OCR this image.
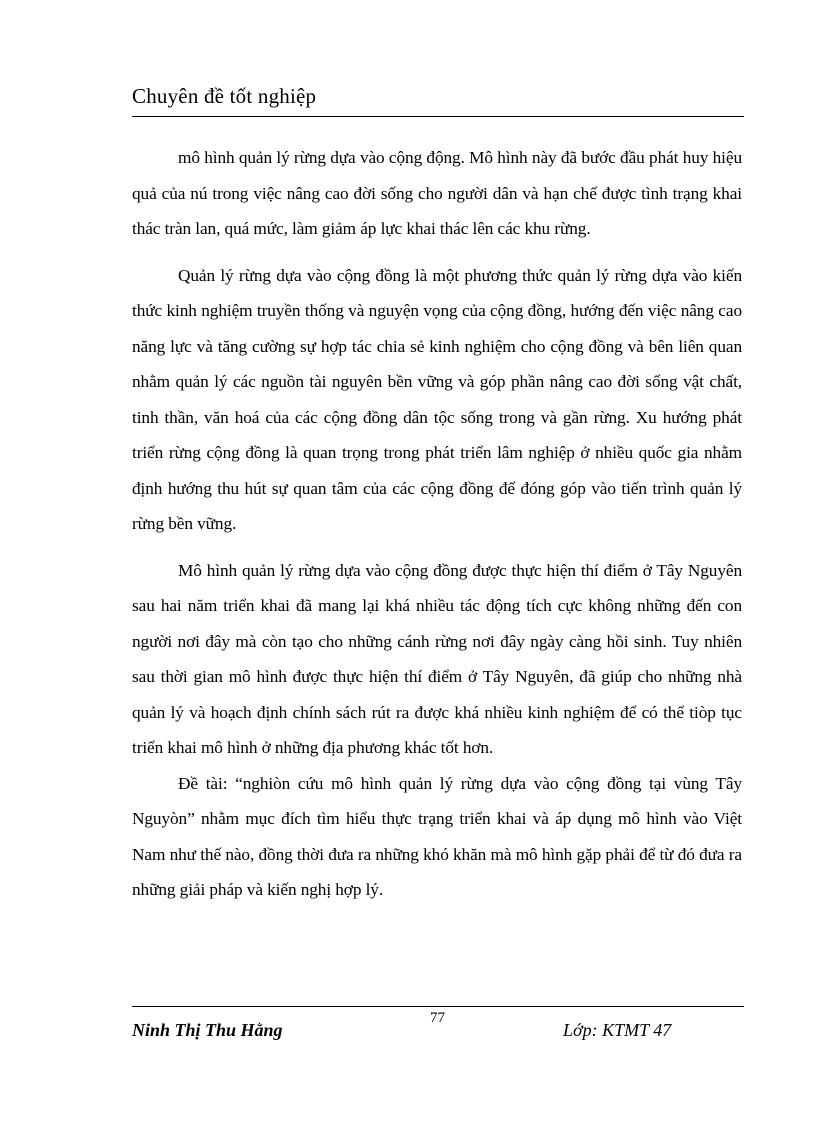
Chuyên đề tốt nghiệp

mô hình quản lý rừng dựa vào cộng động. Mô hình này đã bước đầu phát huy hiệu quả của nú trong việc nâng cao đời sống cho người dân và hạn chế được tình trạng khai thác tràn lan, quá mức, làm giảm áp lực khai thác lên các khu rừng.

Quản lý rừng dựa vào cộng đồng là một phương thức quản lý rừng dựa vào kiến thức kinh nghiệm truyền thống và nguyện vọng của cộng đồng, hướng đến việc nâng cao năng lực và tăng cường sự hợp tác chia sẻ kinh nghiệm cho cộng đồng và bên liên quan nhằm quản lý các nguồn tài nguyên bền vững và góp phần nâng cao đời sống vật chất, tinh thần, văn hoá của các cộng đồng dân tộc sống trong và gần rừng. Xu hướng phát triển rừng cộng đồng là quan trọng trong phát triển lâm nghiệp ở nhiều quốc gia nhằm định hướng thu hút sự quan tâm của các cộng đồng để đóng góp vào tiến trình quản lý rừng bền vững.

Mô hình quản lý rừng dựa vào cộng đồng được thực hiện thí điểm ở Tây Nguyên sau hai năm triển khai đã mang lại khá nhiều tác động tích cực không những đến con người nơi đây mà còn tạo cho những cánh rừng nơi đây ngày càng hồi sinh. Tuy nhiên sau thời gian mô hình được thực hiện thí điểm ở Tây Nguyên, đã giúp cho những nhà quản lý và hoạch định chính sách rút ra được khá nhiều kinh nghiệm để có thể tiòp tục triển khai mô hình ở những địa phương khác tốt hơn.

Đề tài: “nghiòn cứu mô hình quản lý rừng dựa vào cộng đồng tại vùng Tây Nguyòn” nhằm mục đích tìm hiểu thực trạng triển khai và áp dụng mô hình vào Việt Nam như thế nào, đồng thời đưa ra những khó khăn mà mô hình gặp phải để từ đó đưa ra những giải pháp và kiến nghị hợp lý.

77
Ninh Thị Thu Hằng	Lớp: KTMT 47
